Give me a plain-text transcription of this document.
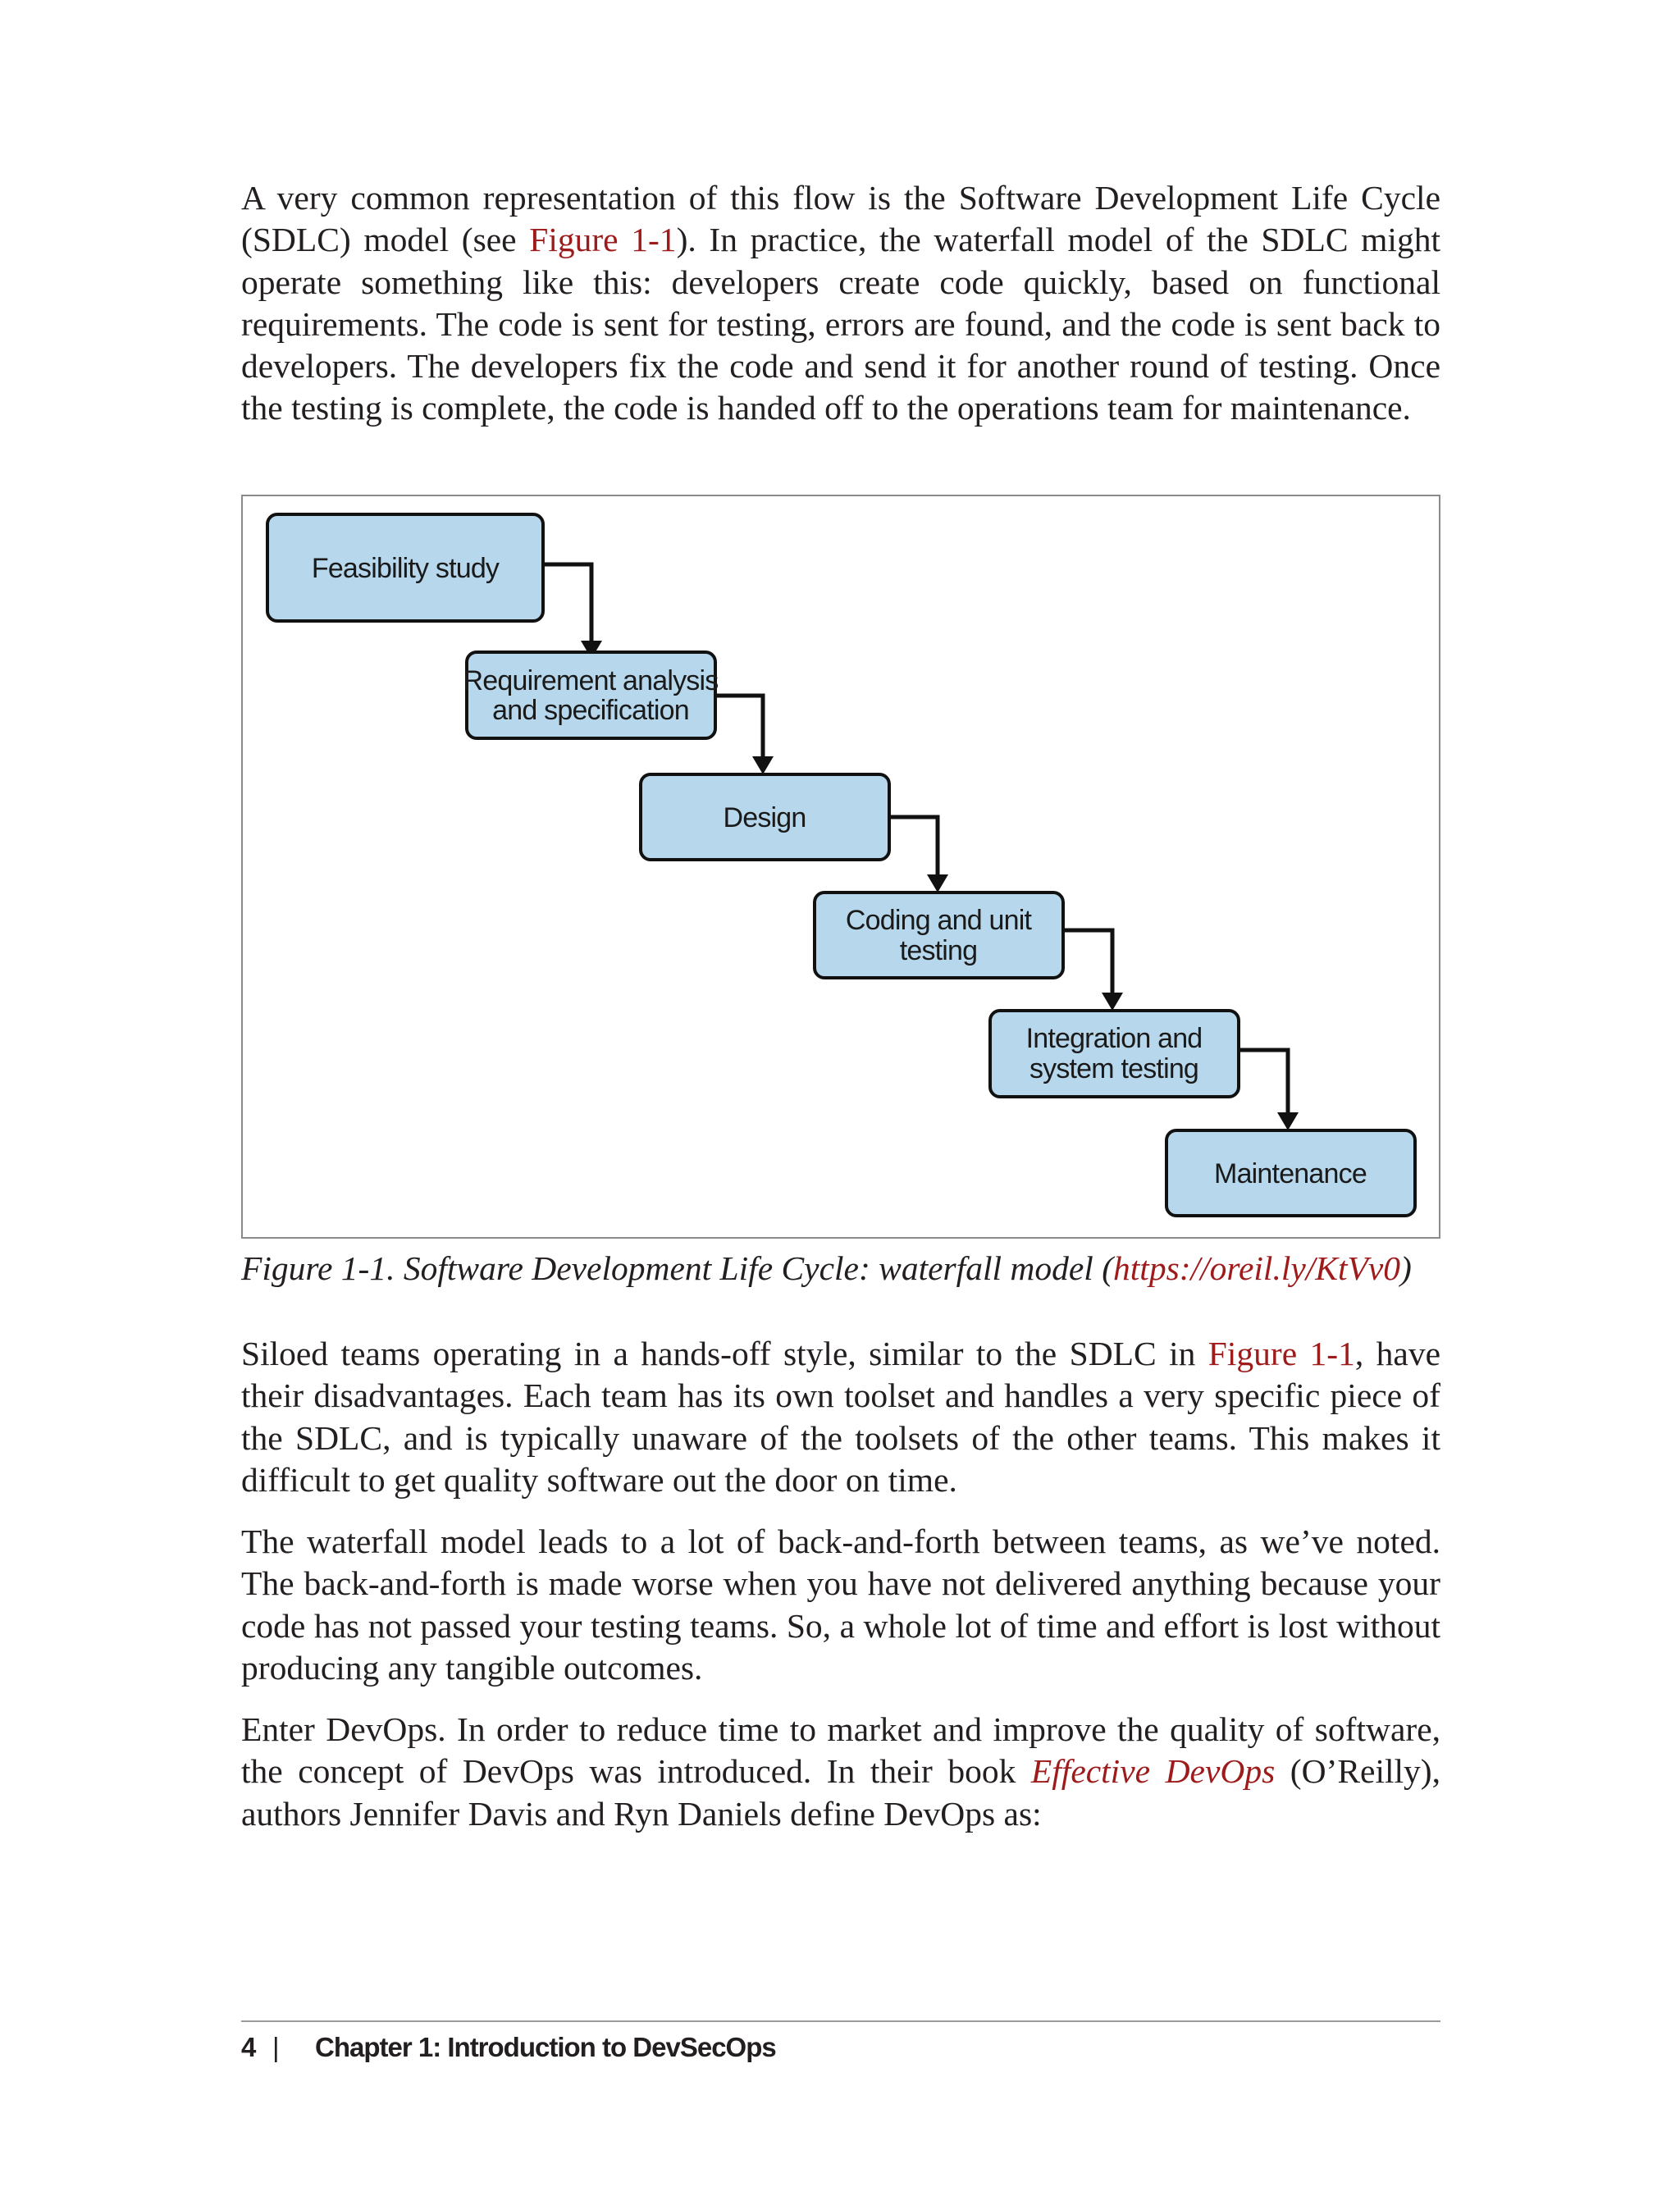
A very common representation of this flow is the Software Development Life Cycle (SDLC) model (see Figure 1-1). In practice, the waterfall model of the SDLC might operate something like this: developers create code quickly, based on functional requirements. The code is sent for testing, errors are found, and the code is sent back to developers. The developers fix the code and send it for another round of testing. Once the testing is complete, the code is handed off to the operations team for maintenance.

Feasibility study
Requirement analysis
and specification
Design
Coding and unit
testing
Integration and
system testing
Maintenance

Figure 1-1. Software Development Life Cycle: waterfall model (https://oreil.ly/KtVv0)

Siloed teams operating in a hands-off style, similar to the SDLC in Figure 1-1, have their disadvantages. Each team has its own toolset and handles a very specific piece of the SDLC, and is typically unaware of the toolsets of the other teams. This makes it difficult to get quality software out the door on time.

The waterfall model leads to a lot of back-and-forth between teams, as we’ve noted. The back-and-forth is made worse when you have not delivered anything because your code has not passed your testing teams. So, a whole lot of time and effort is lost without producing any tangible outcomes.

Enter DevOps. In order to reduce time to market and improve the quality of software, the concept of DevOps was introduced. In their book Effective DevOps (O’Reilly), authors Jennifer Davis and Ryn Daniels define DevOps as:

4 | Chapter 1: Introduction to DevSecOps
